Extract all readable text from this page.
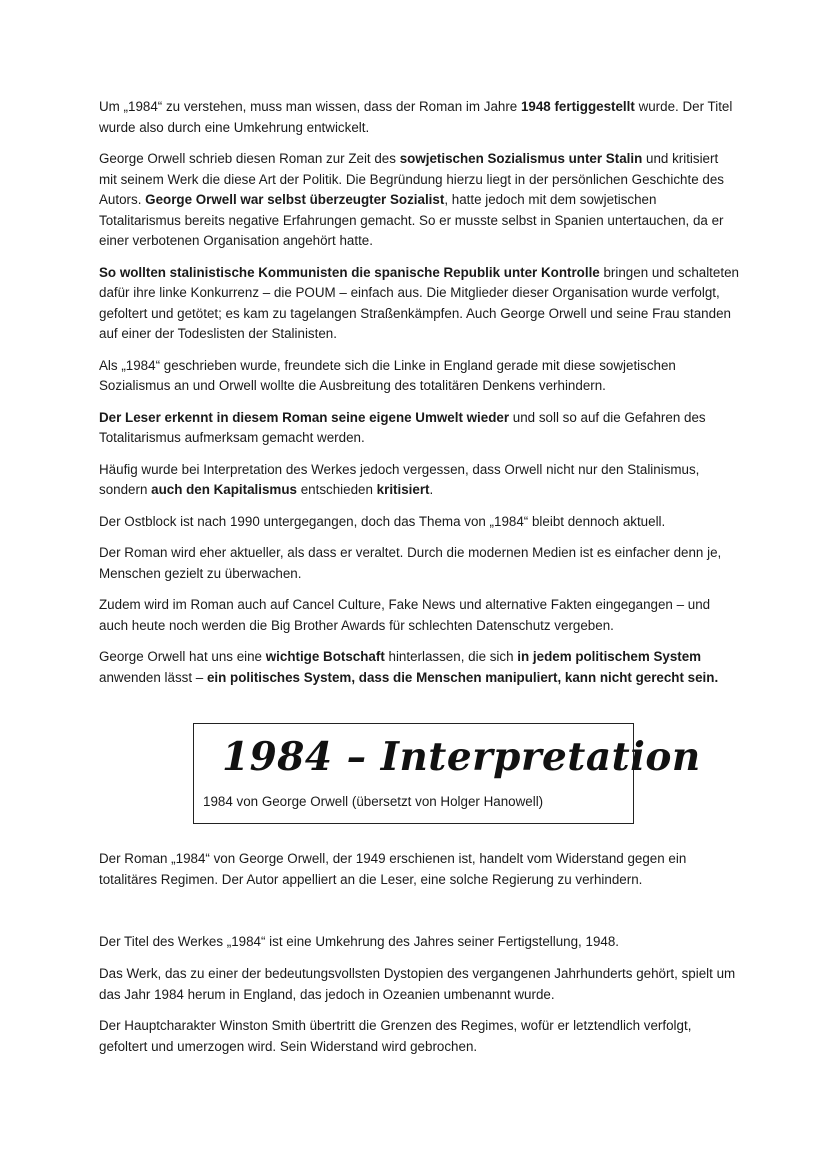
Um „1984“ zu verstehen, muss man wissen, dass der Roman im Jahre 1948 fertiggestellt wurde. Der Titel wurde also durch eine Umkehrung entwickelt.

George Orwell schrieb diesen Roman zur Zeit des sowjetischen Sozialismus unter Stalin und kritisiert mit seinem Werk die diese Art der Politik. Die Begründung hierzu liegt in der persönlichen Geschichte des Autors. George Orwell war selbst überzeugter Sozialist, hatte jedoch mit dem sowjetischen Totalitarismus bereits negative Erfahrungen gemacht. So er musste selbst in Spanien untertauchen, da er einer verbotenen Organisation angehört hatte.

So wollten stalinistische Kommunisten die spanische Republik unter Kontrolle bringen und schalteten dafür ihre linke Konkurrenz – die POUM – einfach aus. Die Mitglieder dieser Organisation wurde verfolgt, gefoltert und getötet; es kam zu tagelangen Straßenkämpfen. Auch George Orwell und seine Frau standen auf einer der Todeslisten der Stalinisten.

Als „1984“ geschrieben wurde, freundete sich die Linke in England gerade mit diese sowjetischen Sozialismus an und Orwell wollte die Ausbreitung des totalitären Denkens verhindern.

Der Leser erkennt in diesem Roman seine eigene Umwelt wieder und soll so auf die Gefahren des Totalitarismus aufmerksam gemacht werden.

Häufig wurde bei Interpretation des Werkes jedoch vergessen, dass Orwell nicht nur den Stalinismus, sondern auch den Kapitalismus entschieden kritisiert.

Der Ostblock ist nach 1990 untergegangen, doch das Thema von „1984“ bleibt dennoch aktuell.

Der Roman wird eher aktueller, als dass er veraltet. Durch die modernen Medien ist es einfacher denn je, Menschen gezielt zu überwachen.

Zudem wird im Roman auch auf Cancel Culture, Fake News und alternative Fakten eingegangen – und auch heute noch werden die Big Brother Awards für schlechten Datenschutz vergeben.

George Orwell hat uns eine wichtige Botschaft hinterlassen, die sich in jedem politischem System anwenden lässt – ein politisches System, dass die Menschen manipuliert, kann nicht gerecht sein.

1984 – Interpretation
1984 von George Orwell (übersetzt von Holger Hanowell)

Der Roman „1984“ von George Orwell, der 1949 erschienen ist, handelt vom Widerstand gegen ein totalitäres Regimen. Der Autor appelliert an die Leser, eine solche Regierung zu verhindern.

Der Titel des Werkes „1984“ ist eine Umkehrung des Jahres seiner Fertigstellung, 1948.

Das Werk, das zu einer der bedeutungsvollsten Dystopien des vergangenen Jahrhunderts gehört, spielt um das Jahr 1984 herum in England, das jedoch in Ozeanien umbenannt wurde.

Der Hauptcharakter Winston Smith übertritt die Grenzen des Regimes, wofür er letztendlich verfolgt, gefoltert und umerzogen wird. Sein Widerstand wird gebrochen.
